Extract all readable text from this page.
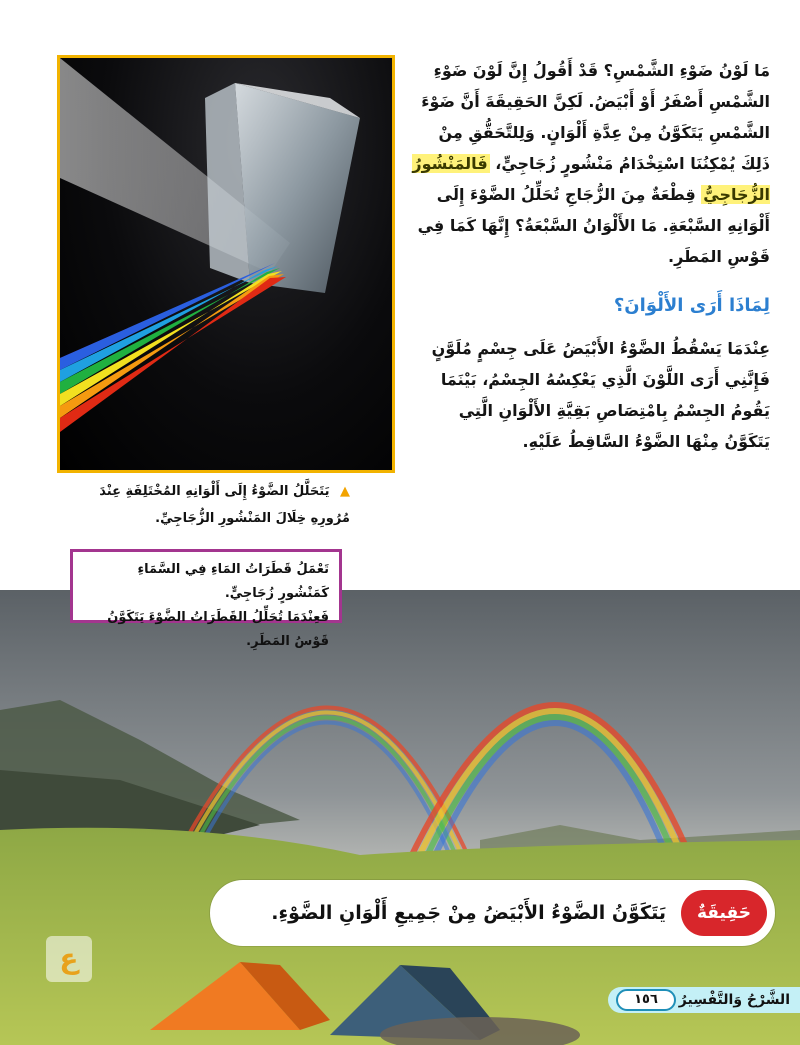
▲ يَتَحَلَّلُ الضَّوْءُ إِلَى أَلْوَانِهِ المُخْتَلِفَةِ عِنْدَ مُرُورِهِ خِلَالَ المَنْشُورِ الزُّجَاجِيِّ.

مَا لَوْنُ ضَوْءِ الشَّمْسِ؟ قَدْ أَقُولُ إِنَّ لَوْنَ ضَوْءِ الشَّمْسِ أَصْفَرُ أَوْ أَبْيَضُ. لَكِنَّ الحَقِيقَةَ أَنَّ ضَوْءَ الشَّمْسِ يَتَكَوَّنُ مِنْ عِدَّةِ أَلْوَانٍ. وَلِلتَّحَقُّقِ مِنْ ذَلِكَ يُمْكِنُنَا اسْتِخْدَامُ مَنْشُورٍ زُجَاجِيٍّ، فَالمَنْشُورُ الزُّجَاجِيُّ قِطْعَةٌ مِنَ الزُّجَاجِ تُحَلِّلُ الضَّوْءَ إِلَى أَلْوَانِهِ السَّبْعَةِ. مَا الأَلْوَانُ السَّبْعَةُ؟ إِنَّهَا كَمَا فِي قَوْسِ المَطَرِ.

لِمَاذَا أَرَى الأَلْوَانَ؟

عِنْدَمَا يَسْقُطُ الضَّوْءُ الأَبْيَضُ عَلَى جِسْمٍ مُلَوَّنٍ فَإِنَّنِي أَرَى اللَّوْنَ الَّذِي يَعْكِسُهُ الجِسْمُ، بَيْنَمَا يَقُومُ الجِسْمُ بِامْتِصَاصِ بَقِيَّةِ الأَلْوَانِ الَّتِي يَتَكَوَّنُ مِنْهَا الضَّوْءُ السَّاقِطُ عَلَيْهِ.

تَعْمَلُ قَطَرَاتُ المَاءِ فِي السَّمَاءِ كَمَنْشُورٍ زُجَاجِيٍّ.
فَعِنْدَمَا تُحَلِّلُ القَطَرَاتُ الضَّوْءَ يَتَكَوَّنُ قَوْسُ المَطَرِ.
حَقِيقَةٌ
يَتَكَوَّنُ الضَّوْءُ الأَبْيَضُ مِنْ جَمِيعِ أَلْوَانِ الضَّوْءِ.
ع
الشَّرْحُ وَالتَّفْسِيرُ
١٥٦
